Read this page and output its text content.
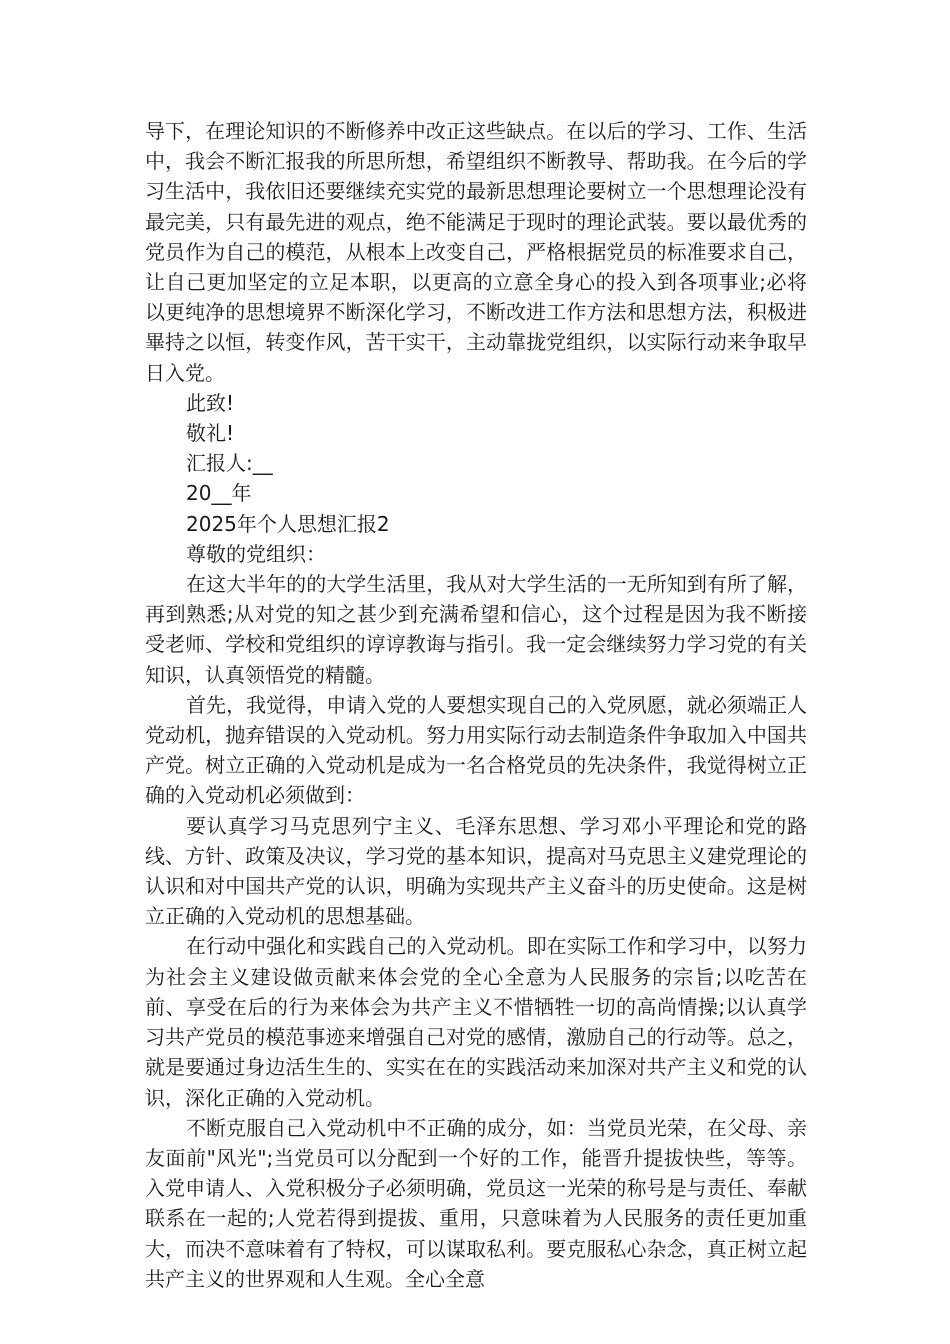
导下，在理论知识的不断修养中改正这些缺点。在以后的学习、工作、生活中，我会不断汇报我的所思所想，希望组织不断教导、帮助我。在今后的学习生活中，我依旧还要继续充实党的最新思想理论要树立一个思想理论没有最完美，只有最先进的观点，绝不能满足于现时的理论武装。要以最优秀的党员作为自己的模范，从根本上改变自己，严格根据党员的标准要求自己，让自己更加坚定的立足本职，以更高的立意全身心的投入到各项事业;必将以更纯净的思想境界不断深化学习，不断改进工作方法和思想方法，积极进畢持之以恒，转变作风，苦干实干，主动靠拢党组织，以实际行动来争取早日入党。

此致!

敬礼!

汇报人:__

20__年

2025年个人思想汇报2

尊敬的党组织：

在这大半年的的大学生活里，我从对大学生活的一无所知到有所了解，再到熟悉;从对党的知之甚少到充满希望和信心，这个过程是因为我不断接受老师、学校和党组织的谆谆教诲与指引。我一定会继续努力学习党的有关知识，认真领悟党的精髓。

首先，我觉得，申请入党的人要想实现自己的入党夙愿，就必须端正人党动机，抛弃错误的入党动机。努力用实际行动去制造条件争取加入中国共产党。树立正确的入党动机是成为一名合格党员的先决条件，我觉得树立正确的入党动机必须做到：

要认真学习马克思列宁主义、毛泽东思想、学习邓小平理论和党的路线、方针、政策及决议，学习党的基本知识，提高对马克思主义建党理论的认识和对中国共产党的认识，明确为实现共产主义奋斗的历史使命。这是树立正确的入党动机的思想基础。

在行动中强化和实践自己的入党动机。即在实际工作和学习中，以努力为社会主义建设做贡献来体会党的全心全意为人民服务的宗旨;以吃苦在前、享受在后的行为来体会为共产主义不惜牺牲一切的高尚情操;以认真学习共产党员的模范事迹来增强自己对党的感情，激励自己的行动等。总之，就是要通过身边活生生的、实实在在的实践活动来加深对共产主义和党的认识，深化正确的入党动机。

不断克服自己入党动机中不正确的成分，如：当党员光荣，在父母、亲友面前"风光";当党员可以分配到一个好的工作，能晋升提拔快些，等等。入党申请人、入党积极分子必须明确，党员这一光荣的称号是与责任、奉献联系在一起的;人党若得到提拔、重用，只意味着为人民服务的责任更加重大，而决不意味着有了特权，可以谋取私利。要克服私心杂念，真正树立起共产主义的世界观和人生观。全心全意
